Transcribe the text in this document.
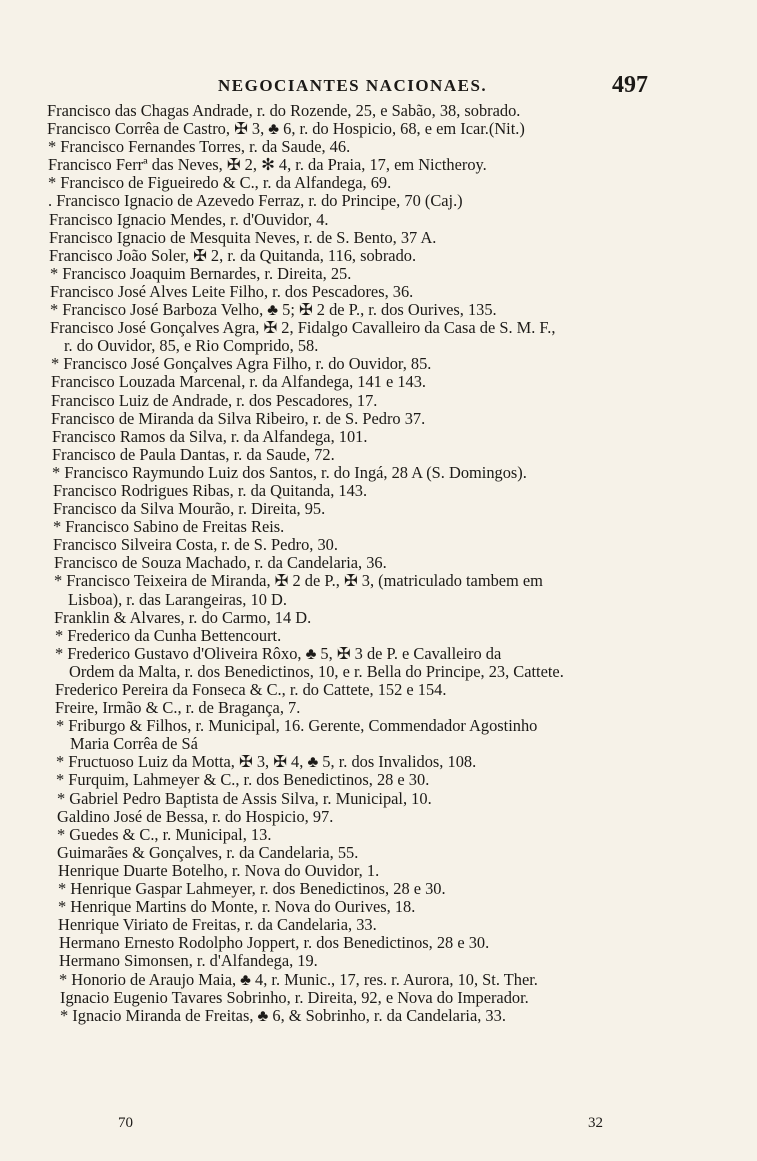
NEGOCIANTES NACIONAES.	497
Francisco das Chagas Andrade, r. do Rozende, 25, e Sabão, 38, sobrado.
Francisco Corrêa de Castro, ✠ 3, ♣ 6, r. do Hospicio, 68, e em Icar.(Nit.)
* Francisco Fernandes Torres, r. da Saude, 46.
Francisco Ferrª das Neves, ✠ 2, ✻ 4, r. da Praia, 17, em Nictheroy.
* Francisco de Figueiredo & C., r. da Alfandega, 69.
. Francisco Ignacio de Azevedo Ferraz, r. do Principe, 70 (Caj.)
Francisco Ignacio Mendes, r. d'Ouvidor, 4.
Francisco Ignacio de Mesquita Neves, r. de S. Bento, 37 A.
Francisco João Soler, ✠ 2, r. da Quitanda, 116, sobrado.
* Francisco Joaquim Bernardes, r. Direita, 25.
Francisco José Alves Leite Filho, r. dos Pescadores, 36.
* Francisco José Barboza Velho, ♣ 5; ✠ 2 de P., r. dos Ourives, 135.
Francisco José Gonçalves Agra, ✠ 2, Fidalgo Cavalleiro da Casa de S. M. F.,
r. do Ouvidor, 85, e Rio Comprido, 58.
* Francisco José Gonçalves Agra Filho, r. do Ouvidor, 85.
Francisco Louzada Marcenal, r. da Alfandega, 141 e 143.
Francisco Luiz de Andrade, r. dos Pescadores, 17.
Francisco de Miranda da Silva Ribeiro, r. de S. Pedro 37.
Francisco Ramos da Silva, r. da Alfandega, 101.
Francisco de Paula Dantas, r. da Saude, 72.
* Francisco Raymundo Luiz dos Santos, r. do Ingá, 28 A (S. Domingos).
Francisco Rodrigues Ribas, r. da Quitanda, 143.
Francisco da Silva Mourão, r. Direita, 95.
* Francisco Sabino de Freitas Reis.
Francisco Silveira Costa, r. de S. Pedro, 30.
Francisco de Souza Machado, r. da Candelaria, 36.
* Francisco Teixeira de Miranda, ✠ 2 de P., ✠ 3, (matriculado tambem em
Lisboa), r. das Larangeiras, 10 D.
Franklin & Alvares, r. do Carmo, 14 D.
* Frederico da Cunha Bettencourt.
* Frederico Gustavo d'Oliveira Rôxo, ♣ 5, ✠ 3 de P. e Cavalleiro da
Ordem da Malta, r. dos Benedictinos, 10, e r. Bella do Principe, 23, Cattete.
Frederico Pereira da Fonseca & C., r. do Cattete, 152 e 154.
Freire, Irmão & C., r. de Bragança, 7.
* Friburgo & Filhos, r. Municipal, 16. Gerente, Commendador Agostinho
Maria Corrêa de Sá
* Fructuoso Luiz da Motta, ✠ 3, ✠ 4, ♣ 5, r. dos Invalidos, 108.
* Furquim, Lahmeyer & C., r. dos Benedictinos, 28 e 30.
* Gabriel Pedro Baptista de Assis Silva, r. Municipal, 10.
Galdino José de Bessa, r. do Hospicio, 97.
* Guedes & C., r. Municipal, 13.
Guimarães & Gonçalves, r. da Candelaria, 55.
Henrique Duarte Botelho, r. Nova do Ouvidor, 1.
* Henrique Gaspar Lahmeyer, r. dos Benedictinos, 28 e 30.
* Henrique Martins do Monte, r. Nova do Ourives, 18.
Henrique Viriato de Freitas, r. da Candelaria, 33.
Hermano Ernesto Rodolpho Joppert, r. dos Benedictinos, 28 e 30.
Hermano Simonsen, r. d'Alfandega, 19.
* Honorio de Araujo Maia, ♣ 4, r. Munic., 17, res. r. Aurora, 10, St. Ther.
Ignacio Eugenio Tavares Sobrinho, r. Direita, 92, e Nova do Imperador.
* Ignacio Miranda de Freitas, ♣ 6, & Sobrinho, r. da Candelaria, 33.
70	32
